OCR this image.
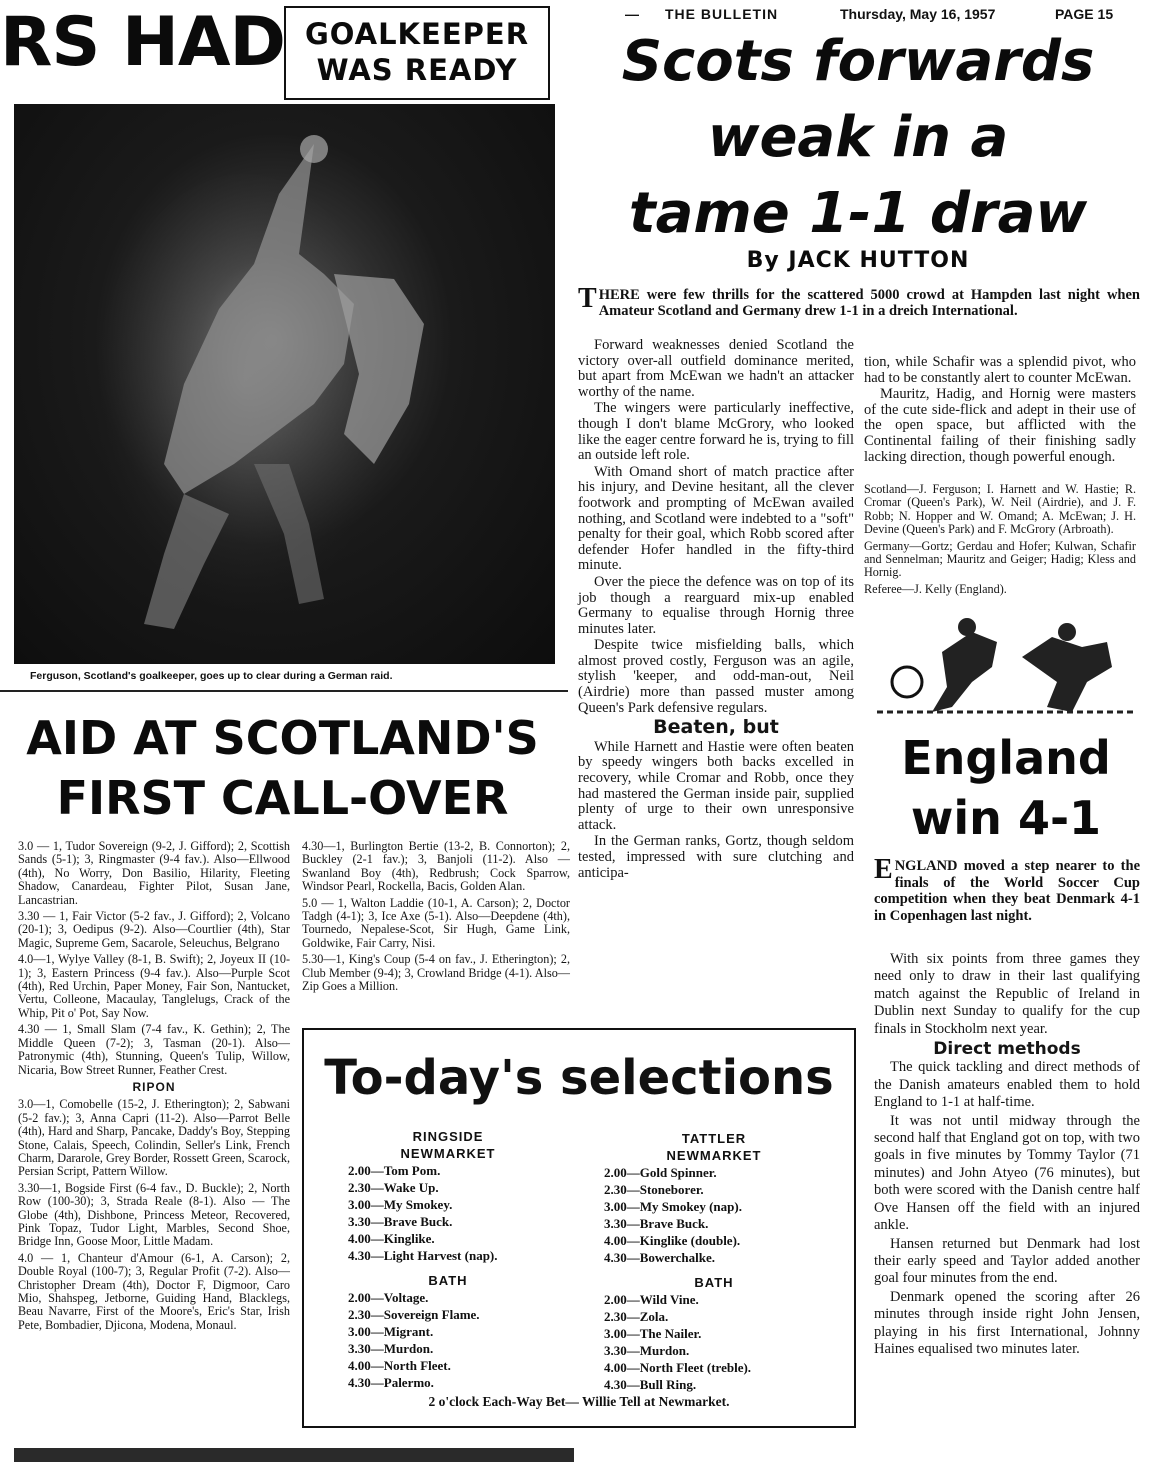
— THE BULLETIN	Thursday, May 16, 1957	PAGE 15
RS HAD GOALKEEPER
WAS READY
Ferguson, Scotland's goalkeeper, goes up to clear during a German raid.
Scots forwards
weak in a
tame 1-1 draw
By JACK HUTTON
THERE were few thrills for the scattered 5000 crowd at Hampden last night when Amateur Scotland and Germany drew 1-1 in a dreich International.

Forward weaknesses denied Scotland the victory over-all outfield dominance merited, but apart from McEwan we hadn't an attacker worthy of the name.

The wingers were particularly ineffective, though I don't blame McGrory, who looked like the eager centre forward he is, trying to fill an outside left role.

With Omand short of match practice after his injury, and Devine hesitant, all the clever footwork and prompting of McEwan availed nothing, and Scotland were indebted to a "soft" penalty for their goal, which Robb scored after defender Hofer handled in the fifty-third minute.

Over the piece the defence was on top of its job though a rearguard mix-up enabled Germany to equalise through Hornig three minutes later.

Despite twice misfielding balls, which almost proved costly, Ferguson was an agile, stylish 'keeper, and odd-man-out, Neil (Airdrie) more than passed muster among Queen's Park defensive regulars.

Beaten, but

While Harnett and Hastie were often beaten by speedy wingers both backs excelled in recovery, while Cromar and Robb, once they had mastered the German inside pair, supplied plenty of urge to their own unresponsive attack.

In the German ranks, Gortz, though seldom tested, impressed with sure clutching and anticipa-

tion, while Schafir was a splendid pivot, who had to be constantly alert to counter McEwan.

Mauritz, Hadig, and Hornig were masters of the cute side-flick and adept in their use of the open space, but afflicted with the Continental failing of their finishing sadly lacking direction, though powerful enough.

Scotland—J. Ferguson; I. Harnett and W. Hastie; R. Cromar (Queen's Park), W. Neil (Airdrie), and J. F. Robb; N. Hopper and W. Omand; A. McEwan; J. H. Devine (Queen's Park) and F. McGrory (Arbroath).

Germany—Gortz; Gerdau and Hofer; Kulwan, Schafir and Sennelman; Mauritz and Geiger; Hadig; Kless and Hornig.

Referee—J. Kelly (England).

England
win 4-1
ENGLAND moved a step nearer to the finals of the World Soccer Cup competition when they beat Denmark 4-1 in Copenhagen last night.

With six points from three games they need only to draw in their last qualifying match against the Republic of Ireland in Dublin next Sunday to qualify for the cup finals in Stockholm next year.

Direct methods

The quick tackling and direct methods of the Danish amateurs enabled them to hold England to 1-1 at half-time.

It was not until midway through the second half that England got on top, with two goals in five minutes by Tommy Taylor (71 minutes) and John Atyeo (76 minutes), but both were scored with the Danish centre half Ove Hansen off the field with an injured ankle.

Hansen returned but Denmark had lost their early speed and Taylor added another goal four minutes from the end.

Denmark opened the scoring after 26 minutes through inside right John Jensen, playing in his first International, Johnny Haines equalised two minutes later.

AID AT SCOTLAND'S
FIRST CALL-OVER

3.0 — 1, Tudor Sovereign (9-2, J. Gifford); 2, Scottish Sands (5-1); 3, Ringmaster (9-4 fav.). Also—Ellwood (4th), No Worry, Don Basilio, Hilarity, Fleeting Shadow, Canardeau, Fighter Pilot, Susan Jane, Lancastrian.

3.30 — 1, Fair Victor (5-2 fav., J. Gifford); 2, Volcano (20-1); 3, Oedipus (9-2). Also—Courtlier (4th), Star Magic, Supreme Gem, Sacarole, Seleuchus, Belgrano

4.0—1, Wylye Valley (8-1, B. Swift); 2, Joyeux II (10-1); 3, Eastern Princess (9-4 fav.). Also—Purple Scot (4th), Red Urchin, Paper Money, Fair Son, Nantucket, Vertu, Colleone, Macaulay, Tanglelugs, Crack of the Whip, Pit o' Pot, Say Now.

4.30 — 1, Small Slam (7-4 fav., K. Gethin); 2, The Middle Queen (7-2); 3, Tasman (20-1). Also—Patronymic (4th), Stunning, Queen's Tulip, Willow, Nicaria, Bow Street Runner, Feather Crest.

RIPON

3.0—1, Comobelle (15-2, J. Etherington); 2, Sabwani (5-2 fav.); 3, Anna Capri (11-2). Also—Parrot Belle (4th), Hard and Sharp, Pancake, Daddy's Boy, Stepping Stone, Calais, Speech, Colindin, Seller's Link, French Charm, Dararole, Grey Border, Rossett Green, Scarock, Persian Script, Pattern Willow.

3.30—1, Bogside First (6-4 fav., D. Buckle); 2, North Row (100-30); 3, Strada Reale (8-1). Also — The Globe (4th), Dishbone, Princess Meteor, Recovered, Pink Topaz, Tudor Light, Marbles, Second Shoe, Bridge Inn, Goose Moor, Little Madam.

4.0 — 1, Chanteur d'Amour (6-1, A. Carson); 2, Double Royal (100-7); 3, Regular Profit (7-2). Also—Christopher Dream (4th), Doctor F, Digmoor, Caro Mio, Shahspeg, Jetborne, Guiding Hand, Blacklegs, Beau Navarre, First of the Moore's, Eric's Star, Irish Pete, Bombadier, Djicona, Modena, Monaul.

4.30—1, Burlington Bertie (13-2, B. Connorton); 2, Buckley (2-1 fav.); 3, Banjoli (11-2). Also — Swanland Boy (4th), Redbrush; Cock Sparrow, Windsor Pearl, Rockella, Bacis, Golden Alan.

5.0 — 1, Walton Laddie (10-1, A. Carson); 2, Doctor Tadgh (4-1); 3, Ice Axe (5-1). Also—Deepdene (4th), Tournedo, Nepalese-Scot, Sir Hugh, Game Link, Goldwike, Fair Carry, Nisi.

5.30—1, King's Coup (5-4 on fav., J. Etherington); 2, Club Member (9-4); 3, Crowland Bridge (4-1). Also—Zip Goes a Million.

To-day's selections
RINGSIDE
NEWMARKET
2.00—Tom Pom.
2.30—Wake Up.
3.00—My Smokey.
3.30—Brave Buck.
4.00—Kinglike.
4.30—Light Harvest (nap).
BATH
2.00—Voltage.
2.30—Sovereign Flame.
3.00—Migrant.
3.30—Murdon.
4.00—North Fleet.
4.30—Palermo.
TATTLER
NEWMARKET
2.00—Gold Spinner.
2.30—Stoneborer.
3.00—My Smokey (nap).
3.30—Brave Buck.
4.00—Kinglike (double).
4.30—Bowerchalke.
BATH
2.00—Wild Vine.
2.30—Zola.
3.00—The Nailer.
3.30—Murdon.
4.00—North Fleet (treble).
4.30—Bull Ring.
2 o'clock Each-Way Bet— Willie Tell at Newmarket.
